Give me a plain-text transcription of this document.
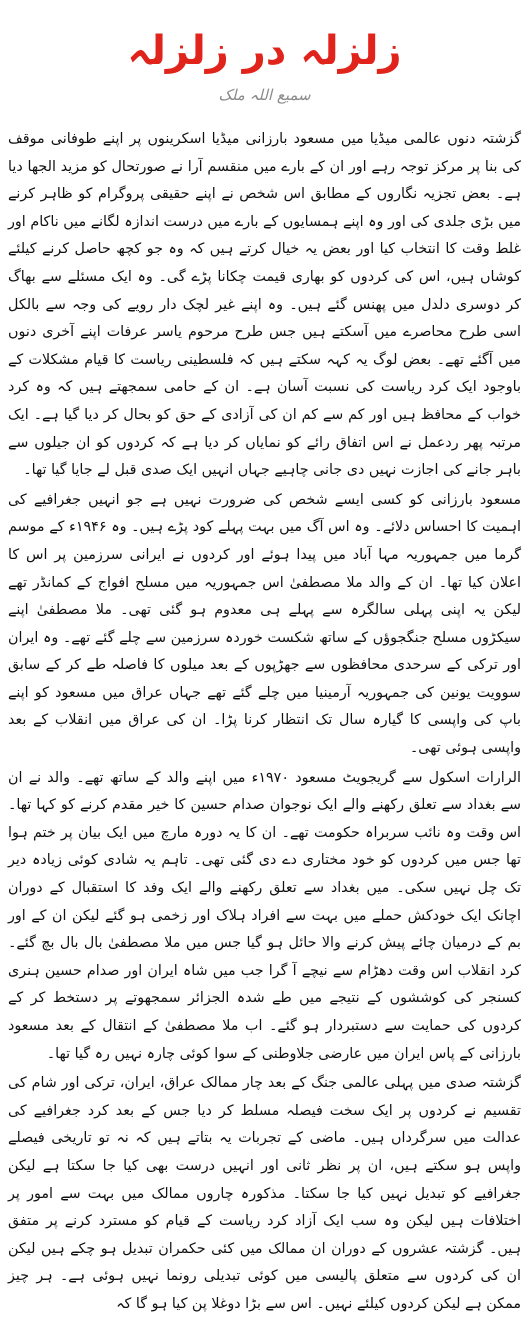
زلزلہ در زلزلہ
سمیع اللہ ملک

گزشتہ دنوں عالمی میڈیا میں مسعود بارزانی میڈیا اسکرینوں پر اپنے طوفانی موقف کی بنا پر مرکز توجہ رہے اور ان کے بارے میں منقسم آرا نے صورتحال کو مزید الجھا دیا ہے۔ بعض تجزیہ نگاروں کے مطابق اس شخص نے اپنے حقیقی پروگرام کو ظاہر کرنے میں بڑی جلدی کی اور وہ اپنے ہمسایوں کے بارے میں درست اندازہ لگانے میں ناکام اور غلط وقت کا انتخاب کیا اور بعض یہ خیال کرتے ہیں کہ وہ جو کچھ حاصل کرنے کیلئے کوشاں ہیں، اس کی کردوں کو بھاری قیمت چکانا پڑے گی۔ وہ ایک مسئلے سے بھاگ کر دوسری دلدل میں پھنس گئے ہیں۔ وہ اپنے غیر لچک دار رویے کی وجہ سے بالکل اسی طرح محاصرے میں آسکتے ہیں جس طرح مرحوم یاسر عرفات اپنے آخری دنوں میں آگئے تھے۔ بعض لوگ یہ کہہ سکتے ہیں کہ فلسطینی ریاست کا قیام مشکلات کے باوجود ایک کرد ریاست کی نسبت آسان ہے۔ ان کے حامی سمجھتے ہیں کہ وہ کرد خواب کے محافظ ہیں اور کم سے کم ان کی آزادی کے حق کو بحال کر دیا گیا ہے۔ ایک مرتبہ پھر ردعمل نے اس اتفاق رائے کو نمایاں کر دیا ہے کہ کردوں کو ان جیلوں سے باہر جانے کی اجازت نہیں دی جانی چاہیے جہاں انہیں ایک صدی قبل لے جایا گیا تھا۔

مسعود بارزانی کو کسی ایسے شخص کی ضرورت نہیں ہے جو انہیں جغرافیے کی اہمیت کا احساس دلائے۔ وہ اس آگ میں بہت پہلے کود پڑے ہیں۔ وہ ۱۹۴۶ء کے موسم گرما میں جمہوریہ مہا آباد میں پیدا ہوئے اور کردوں نے ایرانی سرزمین پر اس کا اعلان کیا تھا۔ ان کے والد ملا مصطفیٰ اس جمہوریہ میں مسلح افواج کے کمانڈر تھے لیکن یہ اپنی پہلی سالگرہ سے پہلے ہی معدوم ہو گئی تھی۔ ملا مصطفیٰ اپنے سیکڑوں مسلح جنگجوؤں کے ساتھ شکست خوردہ سرزمین سے چلے گئے تھے۔ وہ ایران اور ترکی کے سرحدی محافظوں سے جھڑپوں کے بعد میلوں کا فاصلہ طے کر کے سابق سوویت یونین کی جمہوریہ آرمینیا میں چلے گئے تھے جہاں عراق میں مسعود کو اپنے باپ کی واپسی کا گیارہ سال تک انتظار کرنا پڑا۔ ان کی عراق میں انقلاب کے بعد واپسی ہوئی تھی۔

الرارات اسکول سے گریجویٹ مسعود ۱۹۷۰ء میں اپنے والد کے ساتھ تھے۔ والد نے ان سے بغداد سے تعلق رکھنے والے ایک نوجوان صدام حسین کا خیر مقدم کرنے کو کہا تھا۔ اس وقت وہ نائب سربراہ حکومت تھے۔ ان کا یہ دورہ مارچ میں ایک بیان پر ختم ہوا تھا جس میں کردوں کو خود مختاری دے دی گئی تھی۔ تاہم یہ شادی کوئی زیادہ دیر تک چل نہیں سکی۔ میں بغداد سے تعلق رکھنے والے ایک وفد کا استقبال کے دوران اچانک ایک خودکش حملے میں بہت سے افراد ہلاک اور زخمی ہو گئے لیکن ان کے اور بم کے درمیان چائے پیش کرنے والا حائل ہو گیا جس میں ملا مصطفیٰ بال بال بچ گئے۔ کرد انقلاب اس وقت دھڑام سے نیچے آ گرا جب میں شاہ ایران اور صدام حسین ہنری کسنجر کی کوششوں کے نتیجے میں طے شدہ الجزائر سمجھوتے پر دستخط کر کے کردوں کی حمایت سے دستبردار ہو گئے۔ اب ملا مصطفیٰ کے انتقال کے بعد مسعود بارزانی کے پاس ایران میں عارضی جلاوطنی کے سوا کوئی چارہ نہیں رہ گیا تھا۔

گزشتہ صدی میں پہلی عالمی جنگ کے بعد چار ممالک عراق، ایران، ترکی اور شام کی تقسیم نے کردوں پر ایک سخت فیصلہ مسلط کر دیا جس کے بعد کرد جغرافیے کی عدالت میں سرگرداں ہیں۔ ماضی کے تجربات یہ بتاتے ہیں کہ نہ تو تاریخی فیصلے واپس ہو سکتے ہیں، ان پر نظر ثانی اور انہیں درست بھی کیا جا سکتا ہے لیکن جغرافیے کو تبدیل نہیں کیا جا سکتا۔ مذکورہ چاروں ممالک میں بہت سے امور پر اختلافات ہیں لیکن وہ سب ایک آزاد کرد ریاست کے قیام کو مسترد کرنے پر متفق ہیں۔ گزشتہ عشروں کے دوران ان ممالک میں کئی حکمران تبدیل ہو چکے ہیں لیکن ان کی کردوں سے متعلق پالیسی میں کوئی تبدیلی رونما نہیں ہوئی ہے۔ ہر چیز ممکن ہے لیکن کردوں کیلئے نہیں۔ اس سے بڑا دوغلا پن کیا ہو گا کہ
